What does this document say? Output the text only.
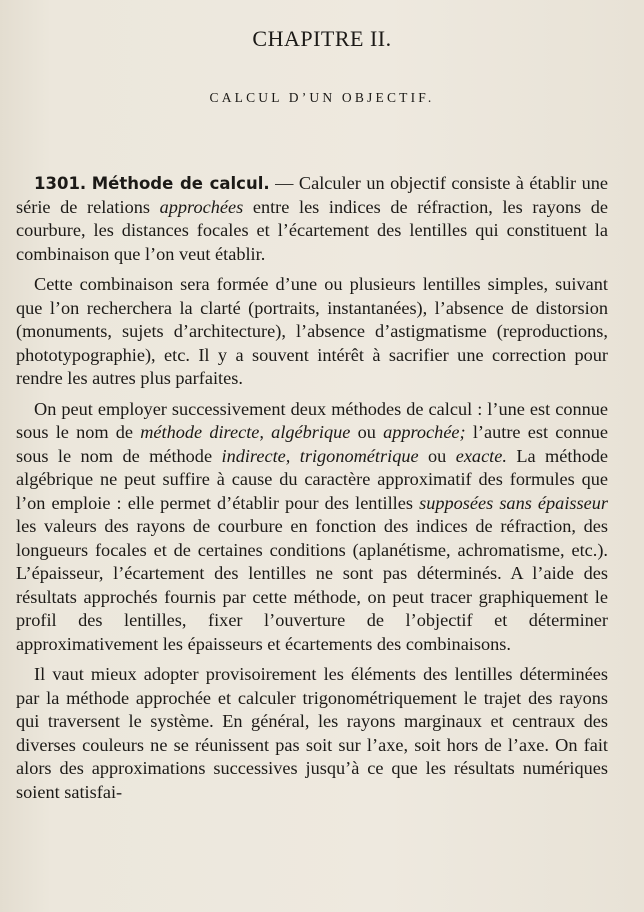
CHAPITRE II.
CALCUL D’UN OBJECTIF.

1301. Méthode de calcul. — Calculer un objectif consiste à établir une série de relations approchées entre les indices de réfraction, les rayons de courbure, les distances focales et l’écartement des lentilles qui constituent la combinaison que l’on veut établir.

Cette combinaison sera formée d’une ou plusieurs lentilles simples, suivant que l’on recherchera la clarté (portraits, instantanées), l’absence de distorsion (monuments, sujets d’architecture), l’absence d’astigmatisme (reproductions, phototypographie), etc. Il y a souvent intérêt à sacrifier une correction pour rendre les autres plus parfaites.

On peut employer successivement deux méthodes de calcul : l’une est connue sous le nom de méthode directe, algébrique ou approchée; l’autre est connue sous le nom de méthode indirecte, trigonométrique ou exacte. La méthode algébrique ne peut suffire à cause du caractère approximatif des formules que l’on emploie : elle permet d’établir pour des lentilles supposées sans épaisseur les valeurs des rayons de courbure en fonction des indices de réfraction, des longueurs focales et de certaines conditions (aplanétisme, achromatisme, etc.). L’épaisseur, l’écartement des lentilles ne sont pas déterminés. A l’aide des résultats approchés fournis par cette méthode, on peut tracer graphiquement le profil des lentilles, fixer l’ouverture de l’objectif et déterminer approximativement les épaisseurs et écartements des combinaisons.

Il vaut mieux adopter provisoirement les éléments des lentilles déterminées par la méthode approchée et calculer trigonométriquement le trajet des rayons qui traversent le système. En général, les rayons marginaux et centraux des diverses couleurs ne se réunissent pas soit sur l’axe, soit hors de l’axe. On fait alors des approximations successives jusqu’à ce que les résultats numériques soient satisfai-
